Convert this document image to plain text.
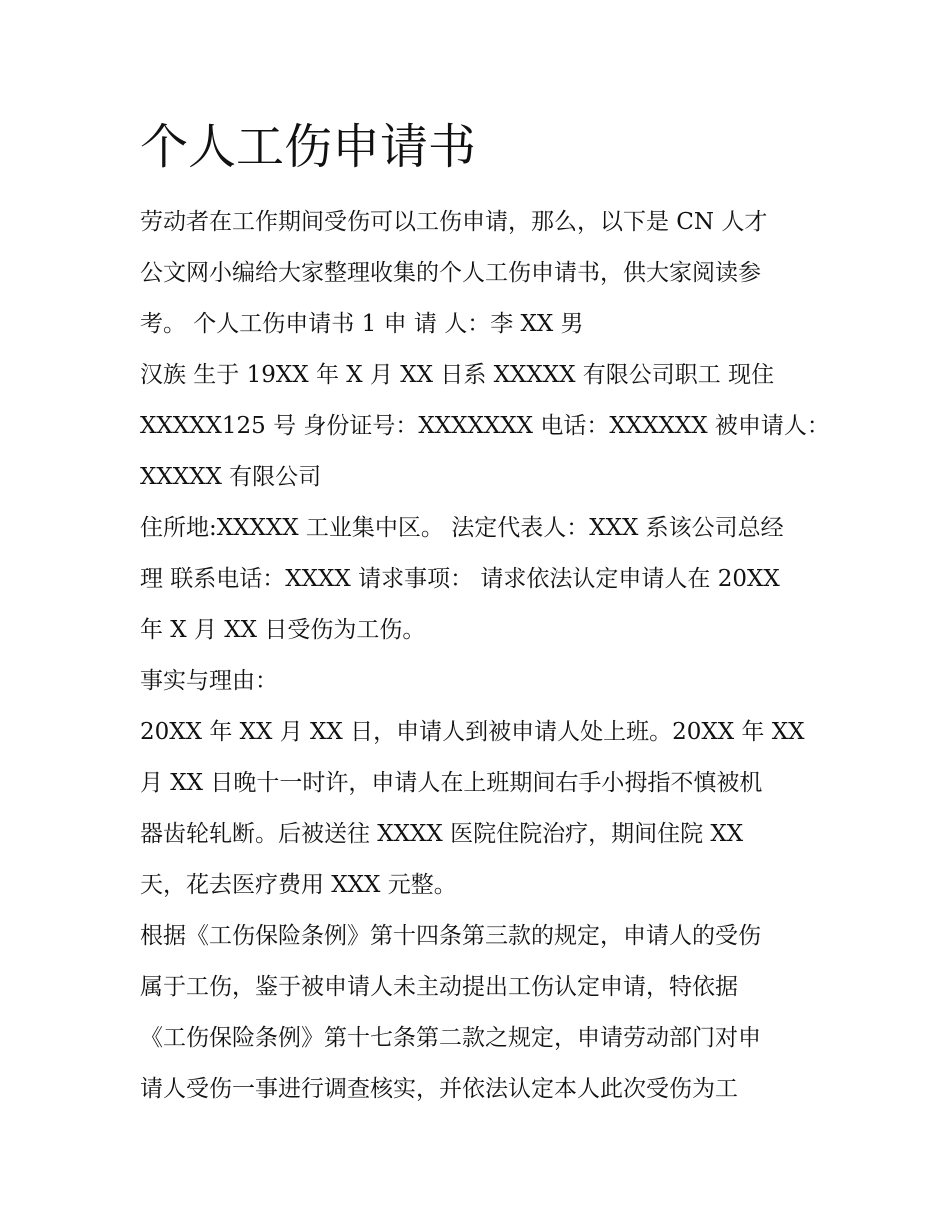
个人工伤申请书

劳动者在工作期间受伤可以工伤申请，那么，以下是 CN 人才

公文网小编给大家整理收集的个人工伤申请书，供大家阅读参

考。 个人工伤申请书 1 申 请 人：李 XX 男

汉族 生于 19XX 年 X 月 XX 日系 XXXXX 有限公司职工 现住

XXXXX125 号 身份证号：XXXXXXX 电话：XXXXXX 被申请人：

XXXXX 有限公司

住所地:XXXXX 工业集中区。 法定代表人：XXX 系该公司总经

理 联系电话：XXXX 请求事项： 请求依法认定申请人在 20XX

年 X 月 XX 日受伤为工伤。

事实与理由：

20XX 年 XX 月 XX 日，申请人到被申请人处上班。20XX 年 XX

月 XX 日晚十一时许，申请人在上班期间右手小拇指不慎被机

器齿轮轧断。后被送往 XXXX 医院住院治疗，期间住院 XX

天，花去医疗费用 XXX 元整。

根据《工伤保险条例》第十四条第三款的规定，申请人的受伤

属于工伤，鉴于被申请人未主动提出工伤认定申请，特依据

《工伤保险条例》第十七条第二款之规定，申请劳动部门对申

请人受伤一事进行调查核实，并依法认定本人此次受伤为工
